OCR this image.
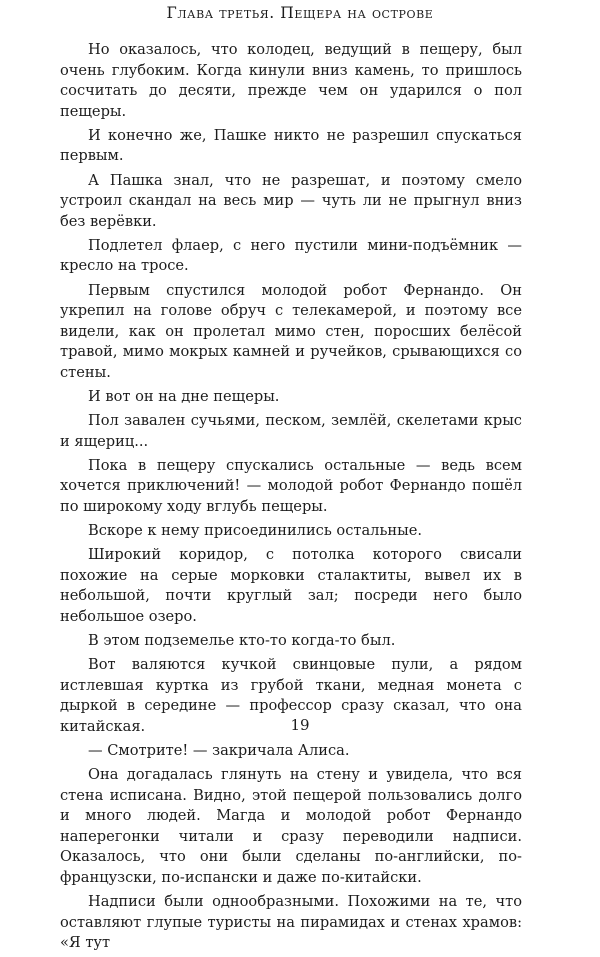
Глава третья. Пещера на острове

Но оказалось, что колодец, ведущий в пещеру, был очень глубоким. Когда кинули вниз камень, то пришлось сосчитать до десяти, прежде чем он ударился о пол пещеры.

И конечно же, Пашке никто не разрешил спускаться первым.

А Пашка знал, что не разрешат, и поэтому смело устроил скандал на весь мир — чуть ли не прыгнул вниз без верёвки.

Подлетел флаер, с него пустили мини-подъёмник — кресло на тросе.

Первым спустился молодой робот Фернандо. Он укрепил на голове обруч с телекамерой, и поэтому все видели, как он пролетал мимо стен, поросших белёсой травой, мимо мокрых камней и ручейков, срывающихся со стены.

И вот он на дне пещеры.

Пол завален сучьями, песком, землёй, скелетами крыс и ящериц...

Пока в пещеру спускались остальные — ведь всем хочется приключений! — молодой робот Фернандо пошёл по широкому ходу вглубь пещеры.

Вскоре к нему присоединились остальные.

Широкий коридор, с потолка которого свисали похожие на серые морковки сталактиты, вывел их в небольшой, почти круглый зал; посреди него было небольшое озеро.

В этом подземелье кто-то когда-то был.

Вот валяются кучкой свинцовые пули, а рядом истлевшая куртка из грубой ткани, медная монета с дыркой в середине — профессор сразу сказал, что она китайская.

— Смотрите! — закричала Алиса.

Она догадалась глянуть на стену и увидела, что вся стена исписана. Видно, этой пещерой пользовались долго и много людей. Магда и молодой робот Фернандо наперегонки читали и сразу переводили надписи. Оказалось, что они были сделаны по-английски, по-французски, по-испански и даже по-китайски.

Надписи были однообразными. Похожими на те, что оставляют глупые туристы на пирамидах и стенах храмов: «Я тут

19
